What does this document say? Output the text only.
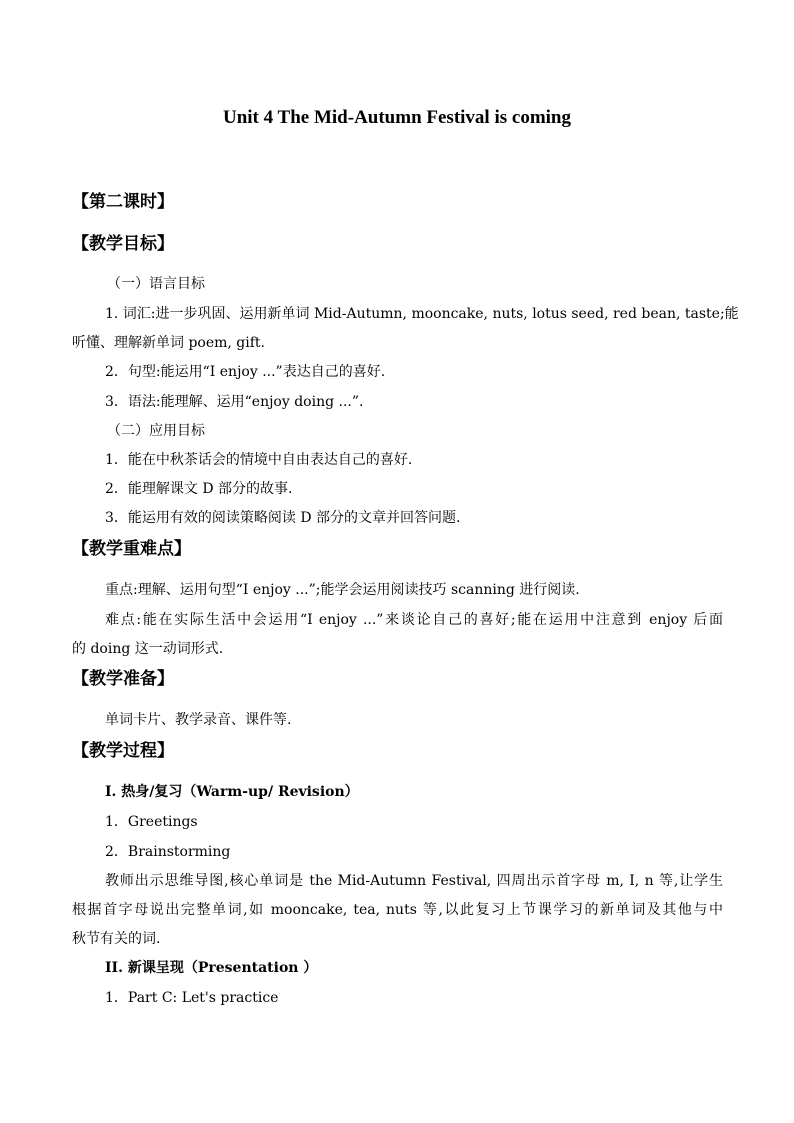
Unit 4 The Mid-Autumn Festival is coming
【第二课时】
【教学目标】
（一）语言目标
1. 词汇:进一步巩固、运用新单词 Mid-Autumn, mooncake, nuts, lotus seed, red bean, taste;能
听懂、理解新单词 poem, gift.
2．句型:能运用“I enjoy ...”表达自己的喜好.
3．语法:能理解、运用“enjoy doing ...”.
（二）应用目标
1．能在中秋茶话会的情境中自由表达自己的喜好.
2．能理解课文 D 部分的故事.
3．能运用有效的阅读策略阅读 D 部分的文章并回答问题.
【教学重难点】
重点:理解、运用句型“I enjoy ...”;能学会运用阅读技巧 scanning 进行阅读.
难点:能在实际生活中会运用“I enjoy ...”来谈论自己的喜好;能在运用中注意到 enjoy 后面
的 doing 这一动词形式.
【教学准备】
单词卡片、教学录音、课件等.
【教学过程】
I. 热身/复习（Warm-up/ Revision）
1．Greetings
2．Brainstorming
教师出示思维导图,核心单词是 the Mid-Autumn Festival, 四周出示首字母 m, I, n 等,让学生
根据首字母说出完整单词,如 mooncake, tea, nuts 等,以此复习上节课学习的新单词及其他与中
秋节有关的词.
II. 新课呈现（Presentation ）
1．Part C: Let's practice
